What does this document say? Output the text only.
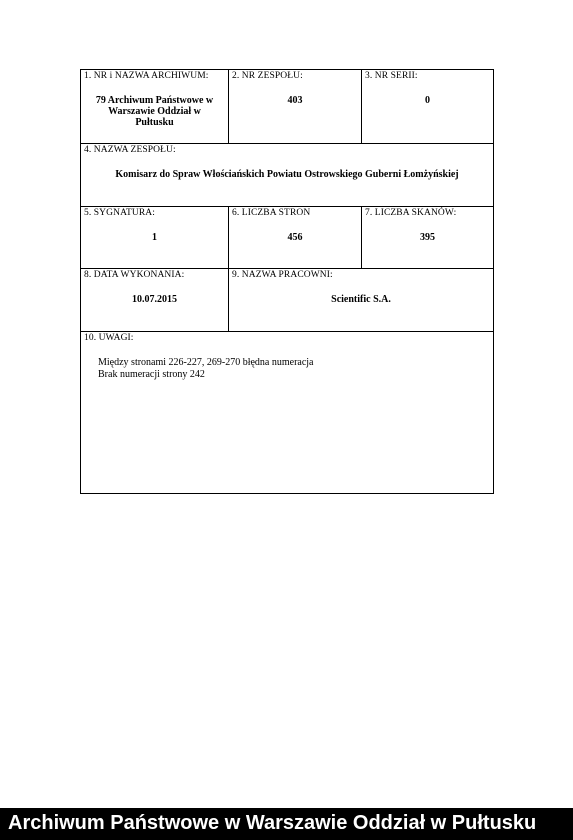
1. NR i NAZWA ARCHIWUM:
79 Archiwum Państwowe w Warszawie Oddział w Pułtusku
2. NR ZESPOŁU:
403
3. NR SERII:
0
4. NAZWA ZESPOŁU:
Komisarz do Spraw Włościańskich Powiatu Ostrowskiego Guberni Łomżyńskiej
5. SYGNATURA:
1
6. LICZBA STRON
456
7. LICZBA SKANÓW:
395
8. DATA WYKONANIA:
10.07.2015
9. NAZWA PRACOWNI:
Scientific S.A.
10. UWAGI:
Między stronami 226-227, 269-270 błędna numeracja
Brak numeracji strony 242
Archiwum Państwowe w Warszawie Oddział w Pułtusku
